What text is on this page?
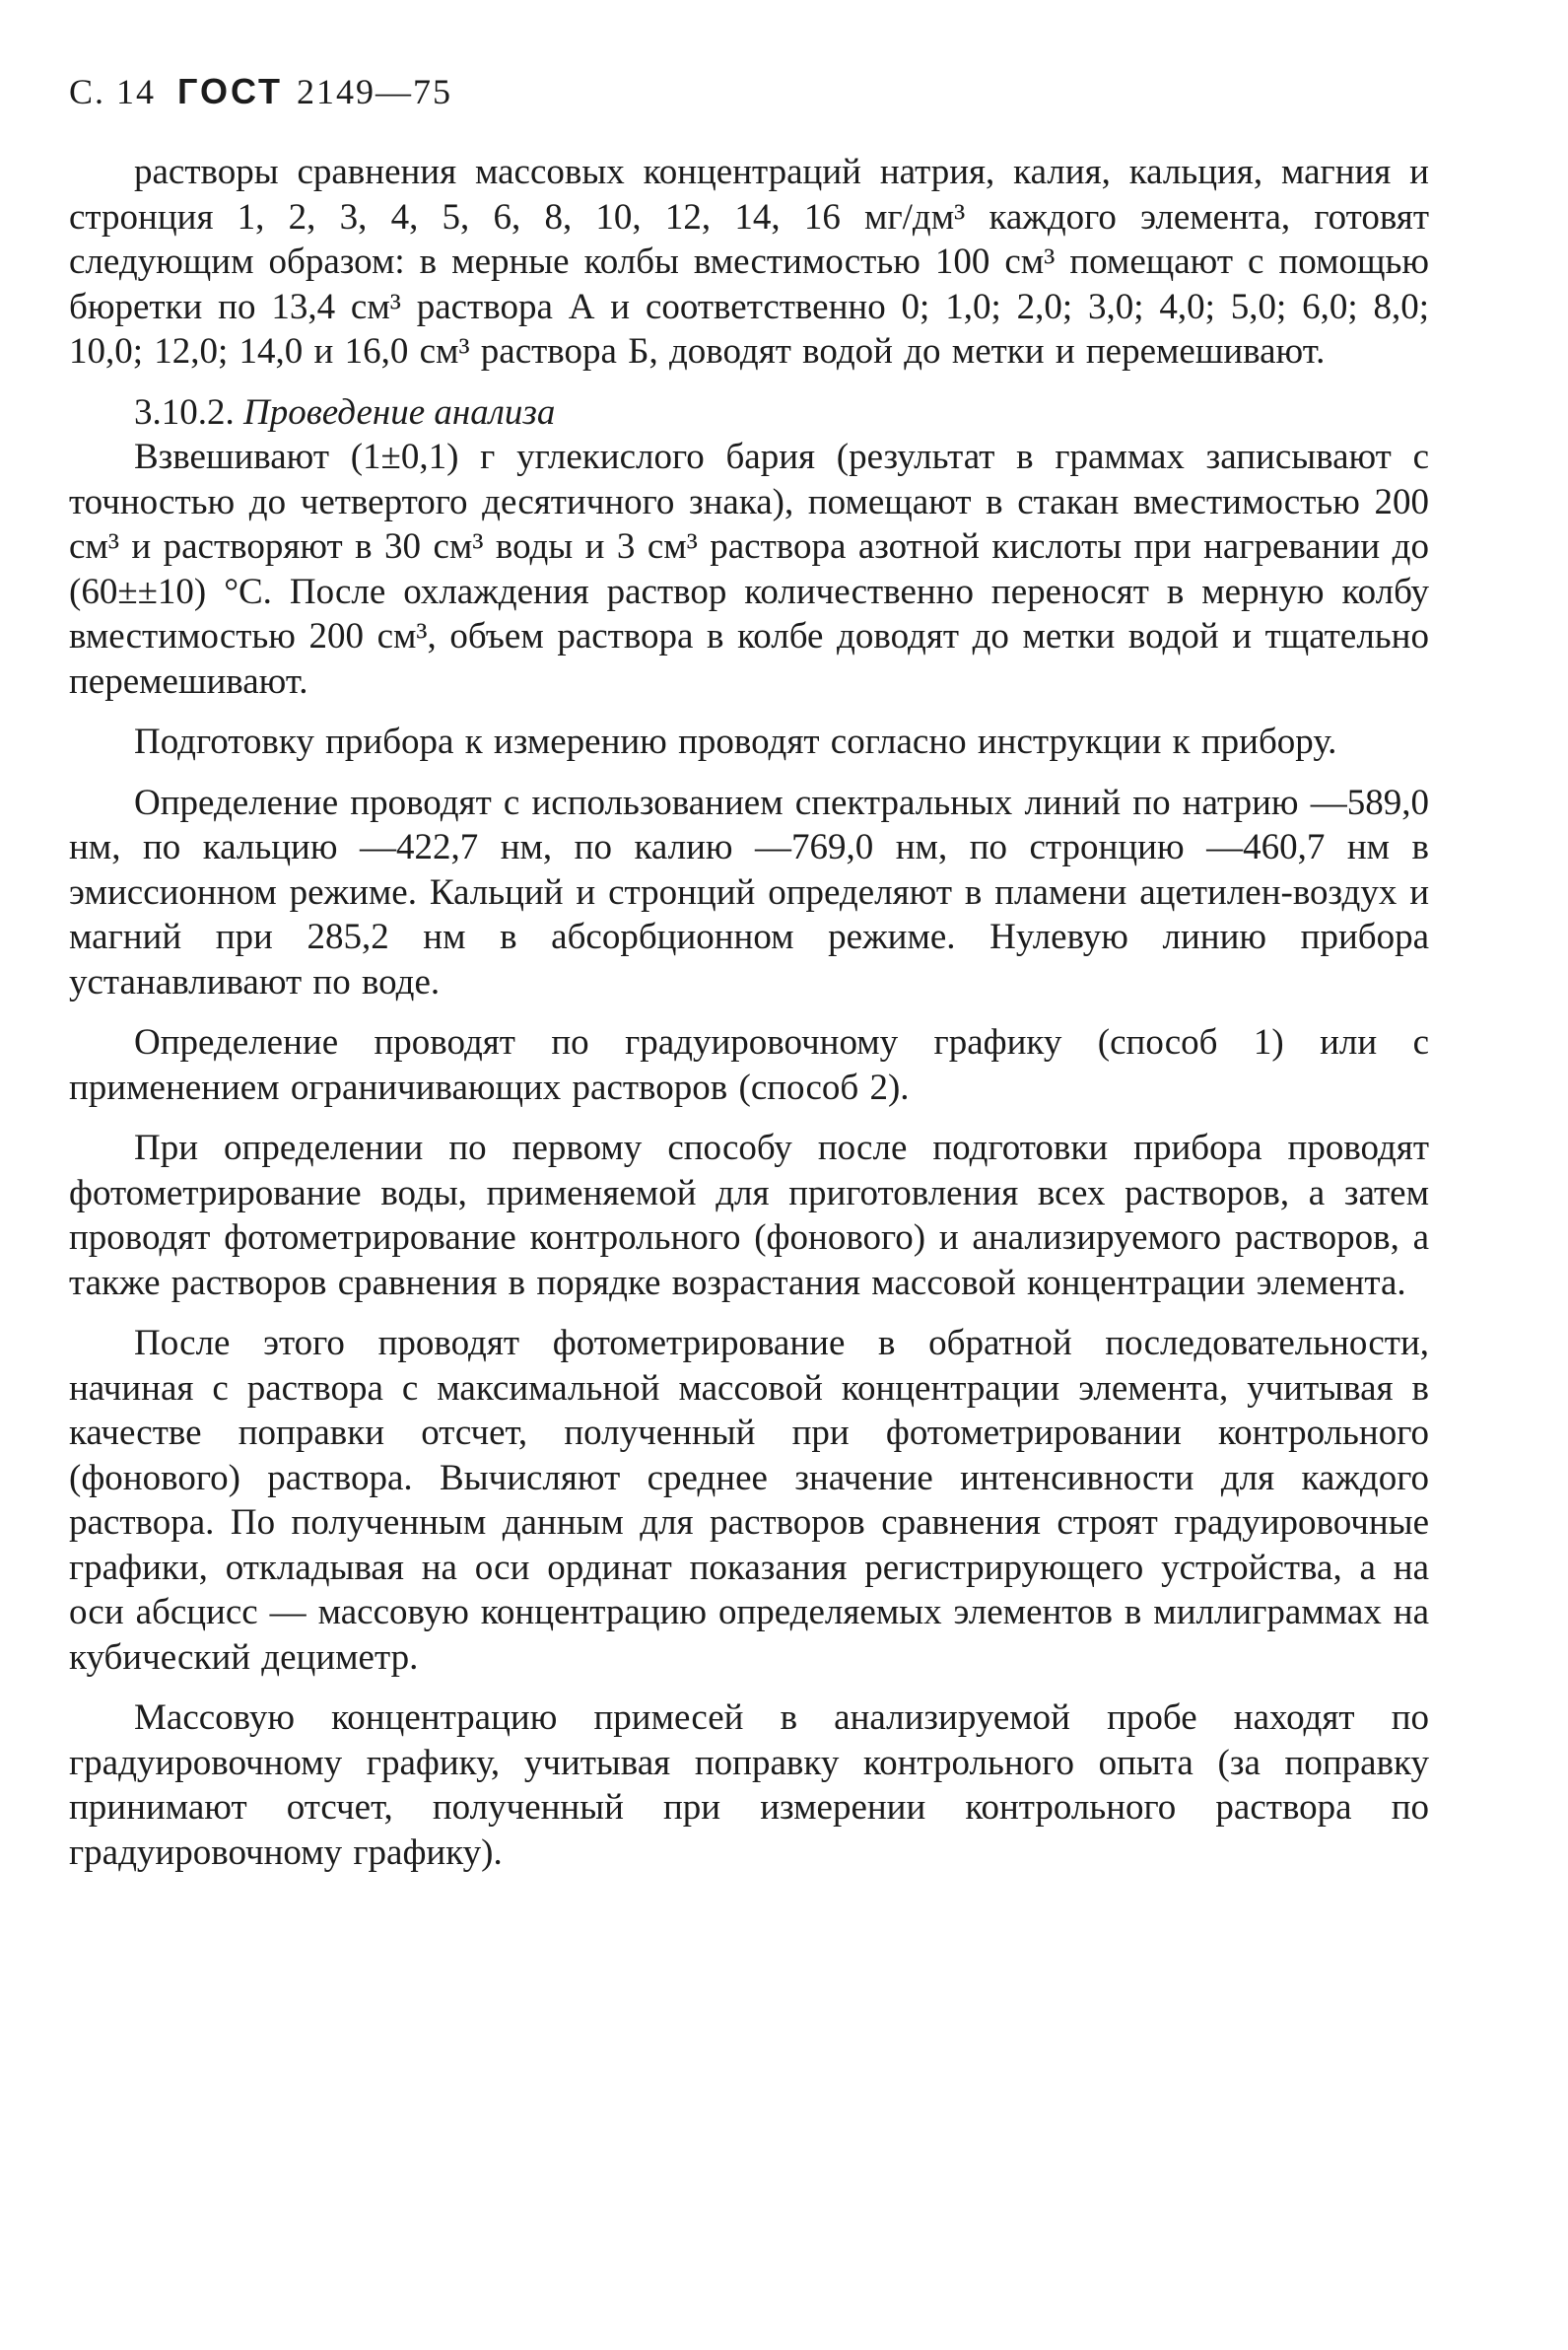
С. 14 ГОСТ 2149—75

растворы сравнения массовых концентраций натрия, калия, кальция, магния и стронция 1, 2, 3, 4, 5, 6, 8, 10, 12, 14, 16 мг/дм³ каждого элемента, готовят следующим образом: в мерные колбы вместимостью 100 см³ помещают с помощью бюретки по 13,4 см³ раствора А и соответственно 0; 1,0; 2,0; 3,0; 4,0; 5,0; 6,0; 8,0; 10,0; 12,0; 14,0 и 16,0 см³ раствора Б, доводят водой до метки и перемешивают.

3.10.2. Проведение анализа

Взвешивают (1±0,1) г углекислого бария (результат в граммах записывают с точностью до четвертого десятичного знака), помещают в стакан вместимостью 200 см³ и растворяют в 30 см³ воды и 3 см³ раствора азотной кислоты при нагревании до (60±±10) °С. После охлаждения раствор количественно переносят в мерную колбу вместимостью 200 см³, объем раствора в колбе доводят до метки водой и тщательно перемешивают.

Подготовку прибора к измерению проводят согласно инструкции к прибору.

Определение проводят с использованием спектральных линий по натрию —589,0 нм, по кальцию —422,7 нм, по калию —769,0 нм, по стронцию —460,7 нм в эмиссионном режиме. Кальций и стронций определяют в пламени ацетилен-воздух и магний при 285,2 нм в абсорбционном режиме. Нулевую линию прибора устанавливают по воде.

Определение проводят по градуировочному графику (способ 1) или с применением ограничивающих растворов (способ 2).

При определении по первому способу после подготовки прибора проводят фотометрирование воды, применяемой для приготовления всех растворов, а затем проводят фотометрирование контрольного (фонового) и анализируемого растворов, а также растворов сравнения в порядке возрастания массовой концентрации элемента.

После этого проводят фотометрирование в обратной последовательности, начиная с раствора с максимальной массовой концентрации элемента, учитывая в качестве поправки отсчет, полученный при фотометрировании контрольного (фонового) раствора. Вычисляют среднее значение интенсивности для каждого раствора. По полученным данным для растворов сравнения строят градуировочные графики, откладывая на оси ординат показания регистрирующего устройства, а на оси абсцисс — массовую концентрацию определяемых элементов в миллиграммах на кубический дециметр.

Массовую концентрацию примесей в анализируемой пробе находят по градуировочному графику, учитывая поправку контрольного опыта (за поправку принимают отсчет, полученный при измерении контрольного раствора по градуировочному графику).
